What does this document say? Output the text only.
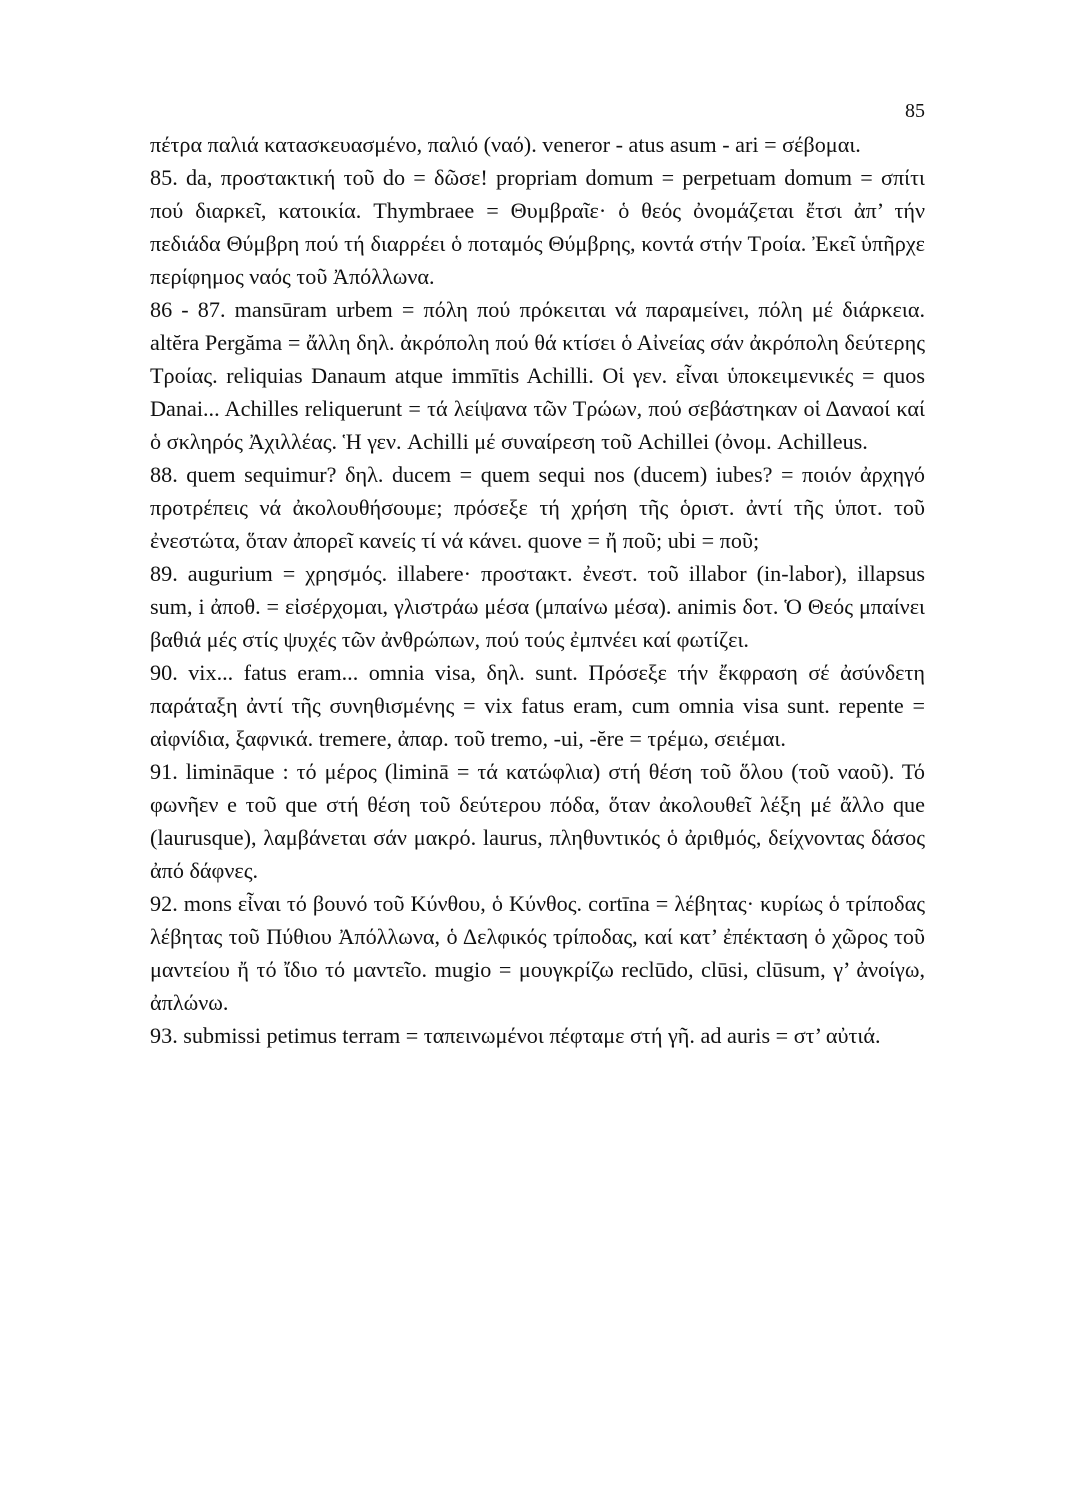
85

πέτρα παλιά κατασκευασμένο, παλιό (ναό). veneror - atus asum - ari = σέβομαι.

85. da, προστακτική τοῦ do = δῶσε! propriam domum = perpetuam domum = σπίτι πού διαρκεῖ, κατοικία. Thymbraee = Θυμβραῖε· ὁ θεός ὀνομάζεται ἔτσι ἀπ’ τήν πεδιάδα Θύμβρη πού τή διαρρέει ὁ ποταμός Θύμβρης, κοντά στήν Τροία. Ἐκεῖ ὑπῆρχε περίφημος ναός τοῦ Ἀπόλλωνα.

86 - 87. mansūram urbem = πόλη πού πρόκειται νά παραμείνει, πόλη μέ διάρκεια. altĕra Pergăma = ἄλλη δηλ. ἀκρόπολη πού θά κτίσει ὁ Αἰνείας σάν ἀκρόπολη δεύτερης Τροίας. reliquias Danaum atque immītis Achilli. Οἱ γεν. εἶναι ὑποκειμενικές = quos Danai... Achilles reliquerunt = τά λείψανα τῶν Τρώων, πού σεβάστηκαν οἱ Δαναοί καί ὁ σκληρός Ἀχιλλέας. Ἡ γεν. Achilli μέ συναίρεση τοῦ Achillei (ὀνομ. Achilleus.

88. quem sequimur? δηλ. ducem = quem sequi nos (ducem) iubes? = ποιόν ἀρχηγό προτρέπεις νά ἀκολουθήσουμε; πρόσεξε τή χρήση τῆς ὁριστ. ἀντί τῆς ὑποτ. τοῦ ἐνεστώτα, ὅταν ἀπορεῖ κανείς τί νά κάνει. quove = ἤ ποῦ; ubi = ποῦ;

89. augurium = χρησμός. illabere· προστακτ. ἐνεστ. τοῦ illabor (in-labor), illapsus sum, i ἀποθ. = εἰσέρχομαι, γλιστράω μέσα (μπαίνω μέσα). animis δοτ. Ὁ Θεός μπαίνει βαθιά μές στίς ψυχές τῶν ἀνθρώπων, πού τούς ἐμπνέει καί φωτίζει.

90. vix... fatus eram... omnia visa, δηλ. sunt. Πρόσεξε τήν ἔκφραση σέ ἀσύνδετη παράταξη ἀντί τῆς συνηθισμένης = vix fatus eram, cum omnia visa sunt. repente = αἰφνίδια, ξαφνικά. tremere, ἀπαρ. τοῦ tremo, -ui, -ĕre = τρέμω, σειέμαι.

91. limināque : τό μέρος (liminā = τά κατώφλια) στή θέση τοῦ ὅλου (τοῦ ναοῦ). Τό φωνῆεν e τοῦ que στή θέση τοῦ δεύτερου πόδα, ὅταν ἀκολουθεῖ λέξη μέ ἄλλο que (laurusque), λαμβάνεται σάν μακρό. laurus, πληθυντικός ὁ ἀριθμός, δείχνοντας δάσος ἀπό δάφνες.

92. mons εἶναι τό βουνό τοῦ Κύνθου, ὁ Κύνθος. cortīna = λέβητας· κυρίως ὁ τρίποδας λέβητας τοῦ Πύθιου Ἀπόλλωνα, ὁ Δελφικός τρίποδας, καί κατ’ ἐπέκταση ὁ χῶρος τοῦ μαντείου ἤ τό ἴδιο τό μαντεῖο. mugio = μουγκρίζω reclūdo, clūsi, clūsum, γ’ ἀνοίγω, ἀπλώνω.

93. submissi petimus terram = ταπεινωμένοι πέφταμε στή γῆ. ad auris = στ’ αὐτιά.
